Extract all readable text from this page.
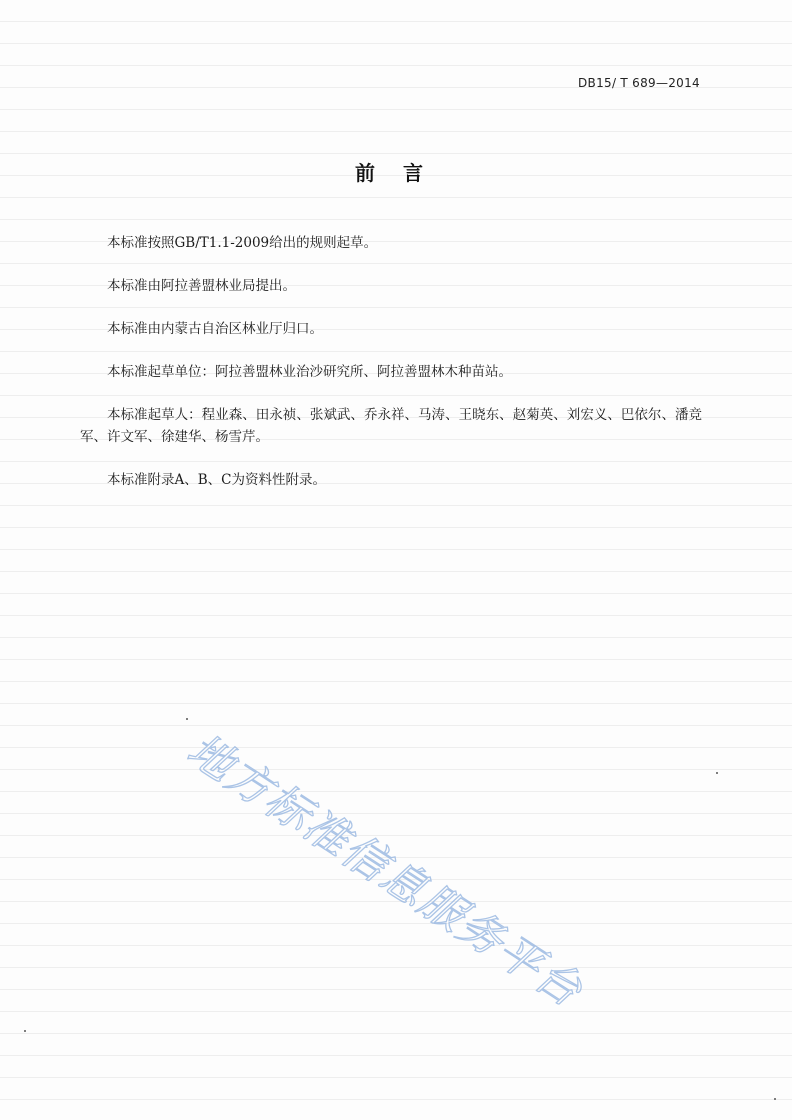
DB15/ T 689—2014
前言

本标准按照GB/T1.1-2009给出的规则起草。

本标准由阿拉善盟林业局提出。

本标准由内蒙古自治区林业厅归口。

本标准起草单位：阿拉善盟林业治沙研究所、阿拉善盟林木种苗站。

本标准起草人：程业森、田永祯、张斌武、乔永祥、马涛、王晓东、赵菊英、刘宏义、巴依尔、潘竞军、许文军、徐建华、杨雪芹。

本标准附录A、B、C为资料性附录。

地方标准信息服务平台
